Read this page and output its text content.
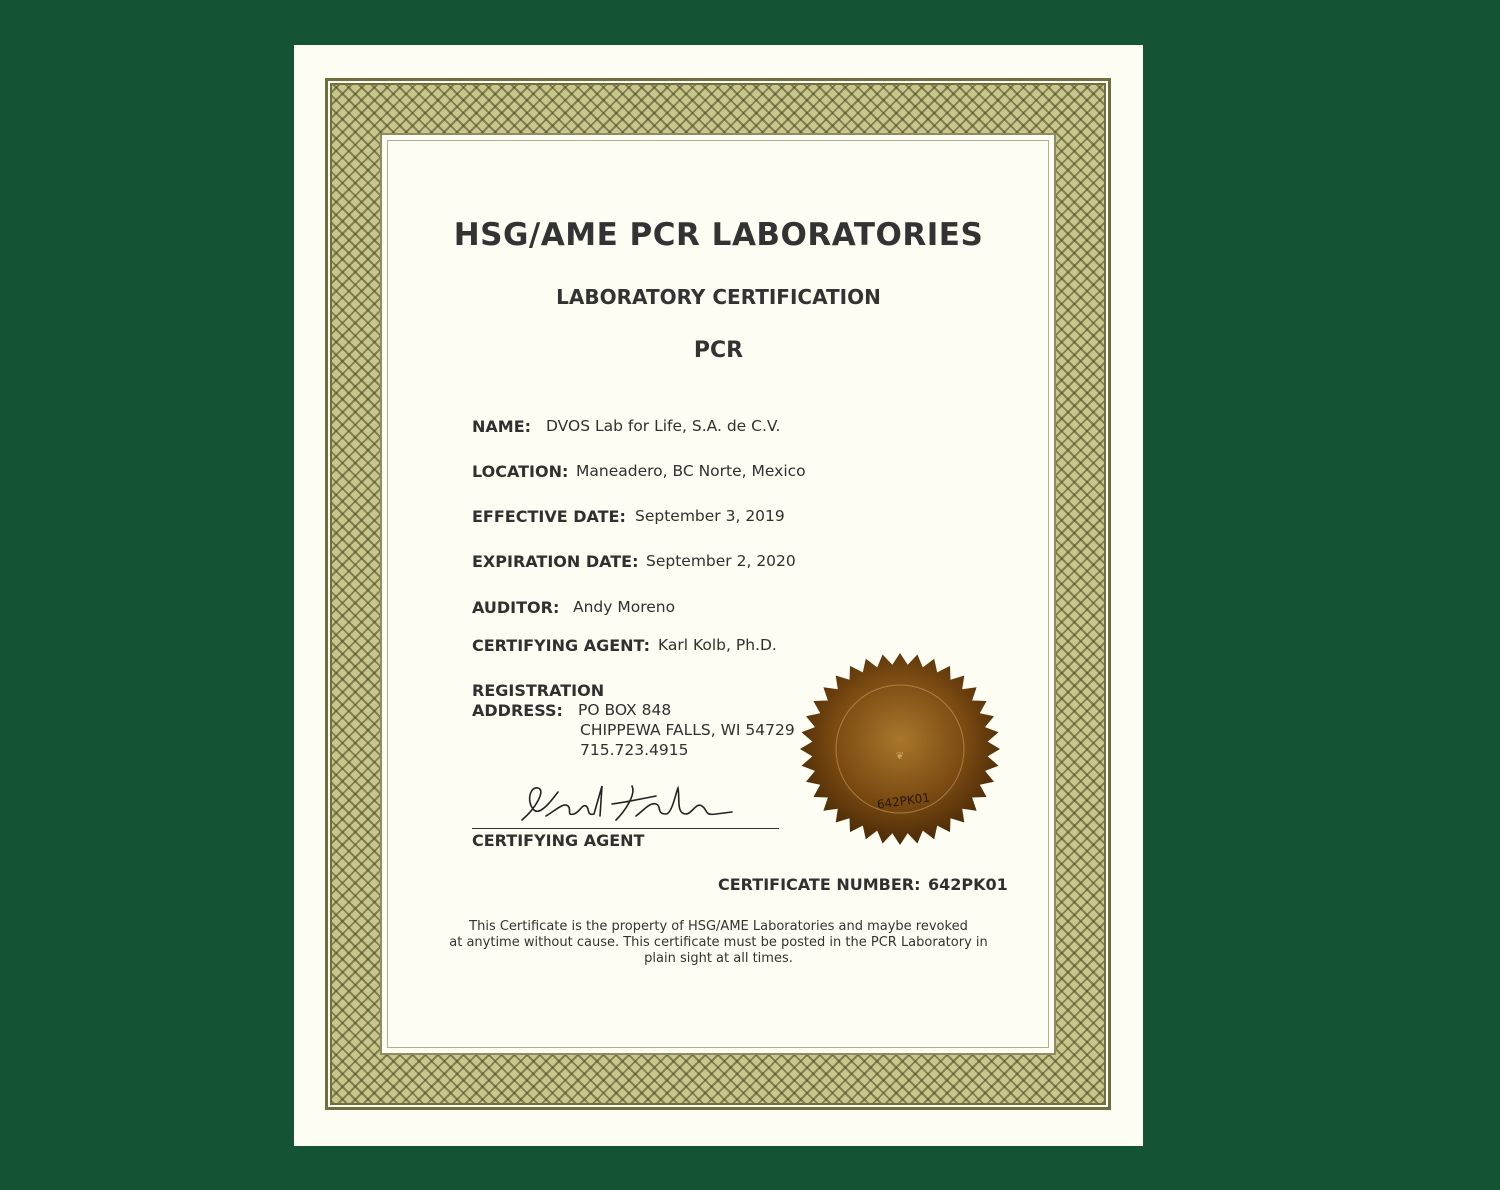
HSG/AME PCR LABORATORIES
LABORATORY CERTIFICATION
PCR
NAME: DVOS Lab for Life, S.A. de C.V.
LOCATION: Maneadero, BC Norte, Mexico
EFFECTIVE DATE: September 3, 2019
EXPIRATION DATE: September 2, 2020
AUDITOR: Andy Moreno
CERTIFYING AGENT: Karl Kolb, Ph.D.
REGISTRATION
ADDRESS: PO BOX 848
CHIPPEWA FALLS, WI 54729
715.723.4915
CERTIFYING AGENT
❦
642PK01
CERTIFICATE NUMBER: 642PK01
This Certificate is the property of HSG/AME Laboratories and maybe revoked
at anytime without cause. This certificate must be posted in the PCR Laboratory in
plain sight at all times.
